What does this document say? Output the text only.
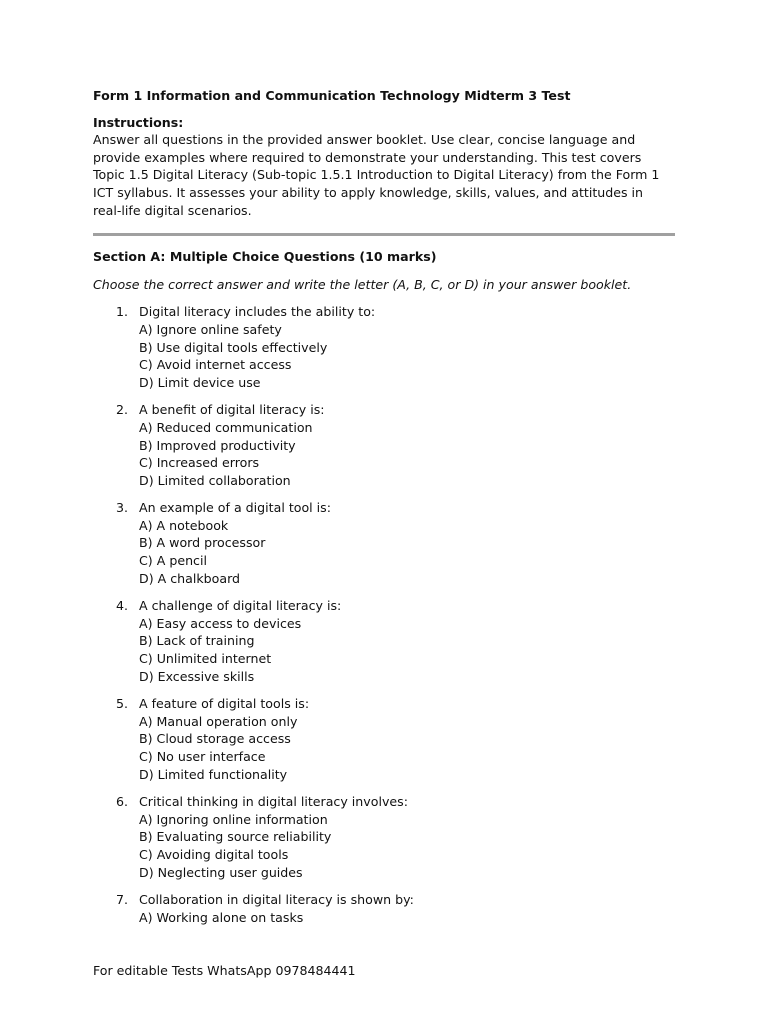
Form 1 Information and Communication Technology Midterm 3 Test

Instructions:

Answer all questions in the provided answer booklet. Use clear, concise language and provide examples where required to demonstrate your understanding. This test covers Topic 1.5 Digital Literacy (Sub-topic 1.5.1 Introduction to Digital Literacy) from the Form 1 ICT syllabus. It assesses your ability to apply knowledge, skills, values, and attitudes in real-life digital scenarios.

Section A: Multiple Choice Questions (10 marks)

Choose the correct answer and write the letter (A, B, C, or D) in your answer booklet.

1. Digital literacy includes the ability to:
A) Ignore online safety
B) Use digital tools effectively
C) Avoid internet access
D) Limit device use
2. A benefit of digital literacy is:
A) Reduced communication
B) Improved productivity
C) Increased errors
D) Limited collaboration
3. An example of a digital tool is:
A) A notebook
B) A word processor
C) A pencil
D) A chalkboard
4. A challenge of digital literacy is:
A) Easy access to devices
B) Lack of training
C) Unlimited internet
D) Excessive skills
5. A feature of digital tools is:
A) Manual operation only
B) Cloud storage access
C) No user interface
D) Limited functionality
6. Critical thinking in digital literacy involves:
A) Ignoring online information
B) Evaluating source reliability
C) Avoiding digital tools
D) Neglecting user guides
7. Collaboration in digital literacy is shown by:
A) Working alone on tasks

For editable Tests WhatsApp 0978484441
